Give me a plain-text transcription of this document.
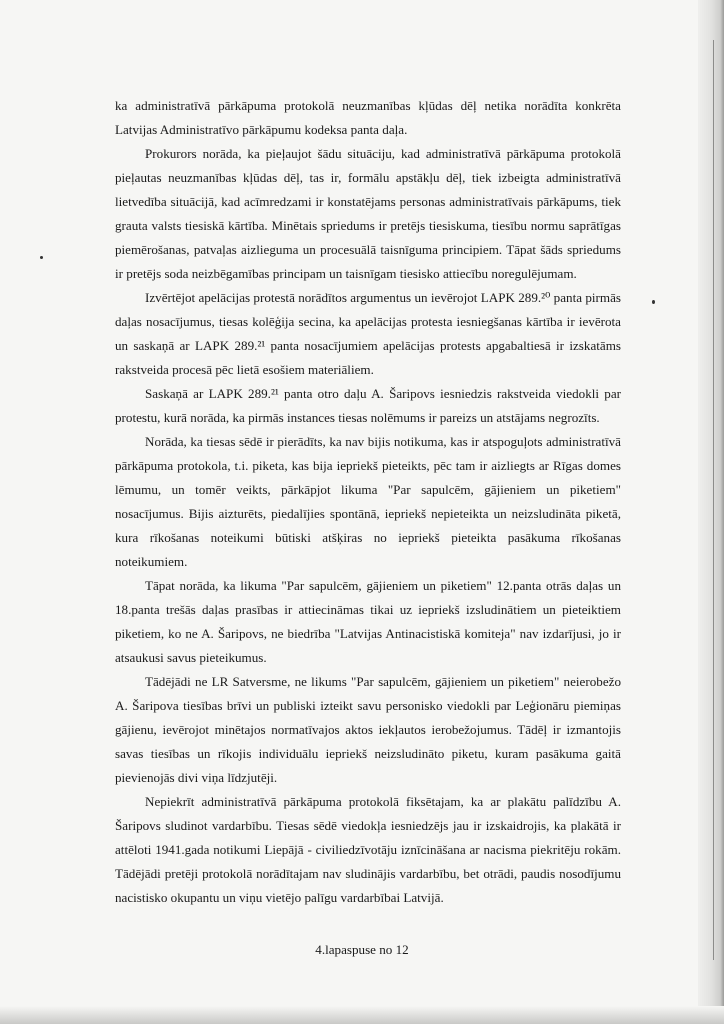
ka administratīvā pārkāpuma protokolā neuzmanības kļūdas dēļ netika norādīta konkrēta Latvijas Administratīvo pārkāpumu kodeksa panta daļa.

Prokurors norāda, ka pieļaujot šādu situāciju, kad administratīvā pārkāpuma protokolā pieļautas neuzmanības kļūdas dēļ, tas ir, formālu apstākļu dēļ, tiek izbeigta administratīvā lietvedība situācijā, kad acīmredzami ir konstatējams personas administratīvais pārkāpums, tiek grauta valsts tiesiskā kārtība. Minētais spriedums ir pretējs tiesiskuma, tiesību normu saprātīgas piemērošanas, patvaļas aizlieguma un procesuālā taisnīguma principiem. Tāpat šāds spriedums ir pretējs soda neizbēgamības principam un taisnīgam tiesisko attiecību noregulējumam.

Izvērtējot apelācijas protestā norādītos argumentus un ievērojot LAPK 289.²⁰ panta pirmās daļas nosacījumus, tiesas kolēģija secina, ka apelācijas protesta iesniegšanas kārtība ir ievērota un saskaņā ar LAPK 289.²¹ panta nosacījumiem apelācijas protests apgabaltiesā ir izskatāms rakstveida procesā pēc lietā esošiem materiāliem.

Saskaņā ar LAPK 289.²¹ panta otro daļu A. Šaripovs iesniedzis rakstveida viedokli par protestu, kurā norāda, ka pirmās instances tiesas nolēmums ir pareizs un atstājams negrozīts.

Norāda, ka tiesas sēdē ir pierādīts, ka nav bijis notikuma, kas ir atspoguļots administratīvā pārkāpuma protokola, t.i. piketa, kas bija iepriekš pieteikts, pēc tam ir aizliegts ar Rīgas domes lēmumu, un tomēr veikts, pārkāpjot likuma "Par sapulcēm, gājieniem un piketiem" nosacījumus. Bijis aizturēts, piedalījies spontānā, iepriekš nepieteikta un neizsludināta piketā, kura rīkošanas noteikumi būtiski atšķiras no iepriekš pieteikta pasākuma rīkošanas noteikumiem.

Tāpat norāda, ka likuma "Par sapulcēm, gājieniem un piketiem" 12.panta otrās daļas un 18.panta trešās daļas prasības ir attiecināmas tikai uz iepriekš izsludinātiem un pieteiktiem piketiem, ko ne A. Šaripovs, ne biedrība "Latvijas Antinacistiskā komiteja" nav izdarījusi, jo ir atsaukusi savus pieteikumus.

Tādējādi ne LR Satversme, ne likums "Par sapulcēm, gājieniem un piketiem" neierobežo A. Šaripova tiesības brīvi un publiski izteikt savu personisko viedokli par Leģionāru piemiņas gājienu, ievērojot minētajos normatīvajos aktos iekļautos ierobežojumus. Tādēļ ir izmantojis savas tiesības un rīkojis individuālu iepriekš neizsludināto piketu, kuram pasākuma gaitā pievienojās divi viņa līdzjutēji.

Nepiekrīt administratīvā pārkāpuma protokolā fiksētajam, ka ar plakātu palīdzību A. Šaripovs sludinot vardarbību. Tiesas sēdē viedokļa iesniedzējs jau ir izskaidrojis, ka plakātā ir attēloti 1941.gada notikumi Liepājā - civiliedzīvotāju iznīcināšana ar nacisma piekritēju rokām. Tādējādi pretēji protokolā norādītajam nav sludinājis vardarbību, bet otrādi, paudis nosodījumu nacistisko okupantu un viņu vietējo palīgu vardarbībai Latvijā.

4.lapaspuse no 12
